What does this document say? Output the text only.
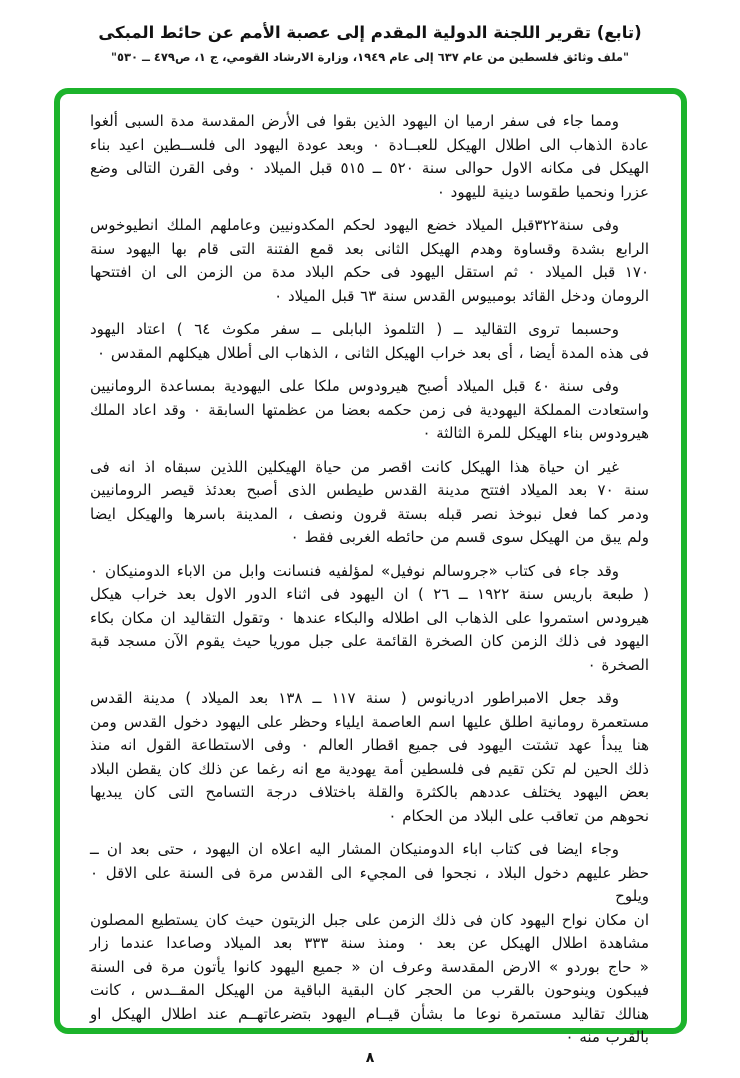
(تابع) تقرير اللجنة الدولية المقدم إلى عصبة الأمم عن حائط المبكى
"ملف وثائق فلسطين من عام ٦٣٧ إلى عام ١٩٤٩، وزارة الارشاد القومي، ج ١، ص٤٧٩ ــ ٥٣٠"
ومما جاء فى سفر ارميا ان اليهود الذين بقوا فى الأرض المقدسة مدة السبى ألغوا
عادة الذهاب الى اطلال الهيكل للعبــادة ٠ وبعد عودة اليهود الى فلســطين اعيد بناء
الهيكل فى مكانه الاول حوالى سنة ٥٢٠ ــ ٥١٥ قبل الميلاد ٠ وفى القرن التالى وضع
عزرا ونحميا طقوسا دينية لليهود ٠
وفى سنة٣٢٢قبل الميلاد خضع اليهود لحكم المكدونيين وعاملهم الملك انطيوخوس
الرابع بشدة وقساوة وهدم الهيكل الثانى بعد قمع الفتنة التى قام بها اليهود سنة
١٧٠ قبل الميلاد ٠ ثم استقل اليهود فى حكم البلاد مدة من الزمن الى ان افتتحها
الرومان ودخل القائد بومبيوس القدس سنة ٦٣ قبل الميلاد ٠
وحسبما تروى التقاليد ــ ( التلموذ البابلى ــ سفر مكوث ٦٤ ) اعتاد اليهود
فى هذه المدة أيضا ، أى بعد خراب الهيكل الثانى ، الذهاب الى أطلال هيكلهم المقدس ٠
وفى سنة ٤٠ قبل الميلاد أصبح هيرودوس ملكا على اليهودية بمساعدة الرومانيين
واستعادت المملكة اليهودية فى زمن حكمه بعضا من عظمتها السابقة ٠ وقد اعاد الملك
هيرودوس بناء الهيكل للمرة الثالثة ٠
غير ان حياة هذا الهيكل كانت اقصر من حياة الهيكلين اللذين سبقاه اذ انه فى
سنة ٧٠ بعد الميلاد افتتح مدينة القدس طيطس الذى أصبح بعدئذ قيصر الرومانيين
ودمر كما فعل نبوخذ نصر قبله بستة قرون ونصف ، المدينة باسرها والهيكل ايضا
ولم يبق من الهيكل سوى قسم من حائطه الغربى فقط ٠
وقد جاء فى كتاب «جروسالم نوفيل» لمؤلفيه فنسانت وابل من الاباء الدومنيكان ٠
( طبعة باريس سنة ١٩٢٢ ــ ٢٦ ) ان اليهود فى اثناء الدور الاول بعد خراب هيكل
هيرودس استمروا على الذهاب الى اطلاله والبكاء عندها ٠ وتقول التقاليد ان مكان بكاء
اليهود فى ذلك الزمن كان الصخرة القائمة على جبل موريا حيث يقوم الآن مسجد قبة
الصخرة ٠
وقد جعل الامبراطور ادريانوس ( سنة ١١٧ ــ ١٣٨ بعد الميلاد ) مدينة القدس
مستعمرة رومانية اطلق عليها اسم العاصمة ايلياء وحظر على اليهود دخول القدس ومن
هنا يبدأ عهد تشتت اليهود فى جميع اقطار العالم ٠ وفى الاستطاعة القول انه منذ
ذلك الحين لم تكن تقيم فى فلسطين أمة يهودية مع انه رغما عن ذلك كان يقطن البلاد
بعض اليهود يختلف عددهم بالكثرة والقلة باختلاف درجة التسامح التى كان يبديها
نحوهم من تعاقب على البلاد من الحكام ٠
وجاء ايضا فى كتاب اباء الدومنيكان المشار اليه اعلاه ان اليهود ، حتى بعد ان ــ
حظر عليهم دخول البلاد ، نجحوا فى المجيء الى القدس مرة فى السنة على الاقل ٠ ويلوح
ان مكان نواح اليهود كان فى ذلك الزمن على جبل الزيتون حيث كان يستطيع المصلون
مشاهدة اطلال الهيكل عن بعد ٠ ومنذ سنة ٣٣٣ بعد الميلاد وصاعدا عندما زار
« حاج بوردو » الارض المقدسة وعرف ان « جميع اليهود كانوا يأتون مرة فى السنة
فيبكون وينوحون بالقرب من الحجر كان البقية الباقية من الهيكل المقــدس ، كانت
هنالك تقاليد مستمرة نوعا ما بشأن قيــام اليهود بتضرعاتهــم عند اطلال الهيكل او
بالقرب منه ٠
٨
